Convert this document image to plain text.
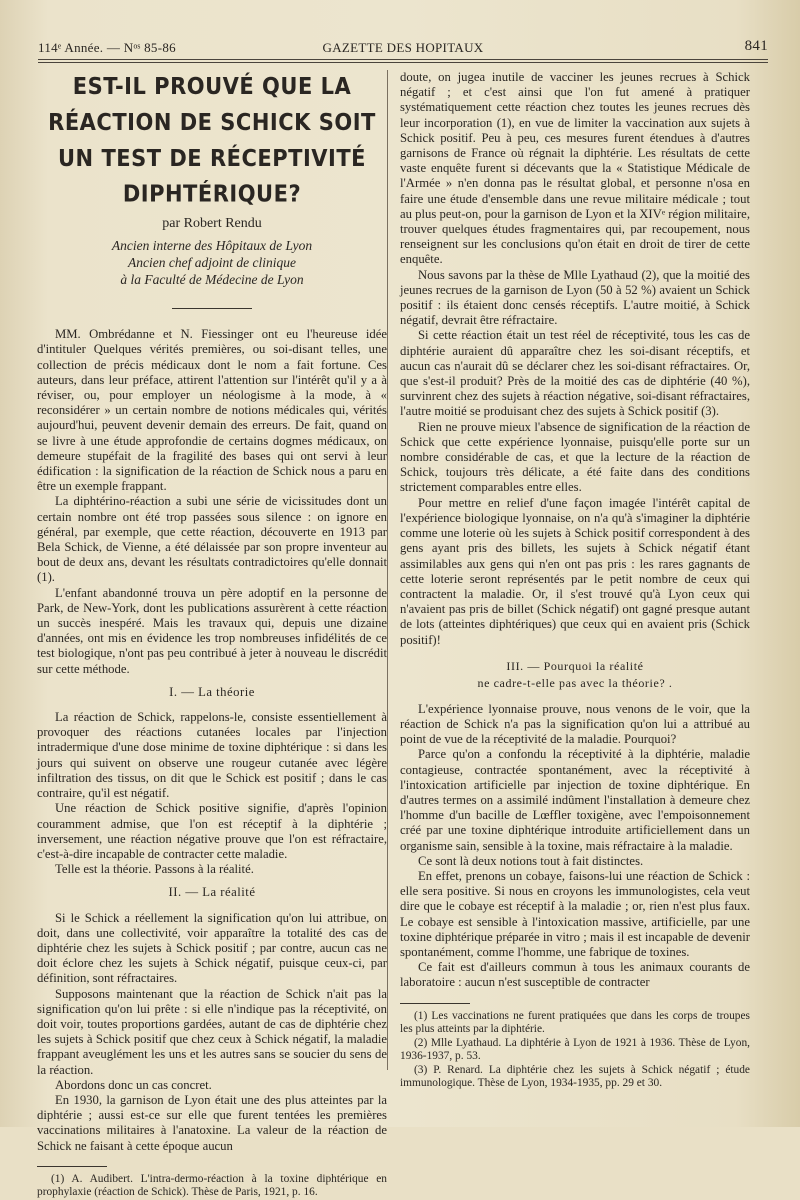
114ᵉ Année. — Nᵒˢ 85-86	GAZETTE DES HOPITAUX	841
EST-IL PROUVÉ QUE LA RÉACTION DE SCHICK SOIT UN TEST DE RÉCEPTIVITÉ DIPHTÉRIQUE?
par Robert Rendu
Ancien interne des Hôpitaux de Lyon
Ancien chef adjoint de clinique
à la Faculté de Médecine de Lyon

MM. Ombrédanne et N. Fiessinger ont eu l'heureuse idée d'intituler Quelques vérités premières, ou soi-disant telles, une collection de précis médicaux dont le nom a fait fortune. Ces auteurs, dans leur préface, attirent l'attention sur l'intérêt qu'il y a à réviser, ou, pour employer un néologisme à la mode, à « reconsidérer » un certain nombre de notions médicales qui, vérités aujourd'hui, peuvent devenir demain des erreurs. De fait, quand on se livre à une étude approfondie de certains dogmes médicaux, on demeure stupéfait de la fragilité des bases qui ont servi à leur édification : la signification de la réaction de Schick nous a paru en être un exemple frappant.

La diphtérino-réaction a subi une série de vicissitudes dont un certain nombre ont été trop passées sous silence : on ignore en général, par exemple, que cette réaction, découverte en 1913 par Bela Schick, de Vienne, a été délaissée par son propre inventeur au bout de deux ans, devant les résultats contradictoires qu'elle donnait (1).

L'enfant abandonné trouva un père adoptif en la personne de Park, de New-York, dont les publications assurèrent à cette réaction un succès inespéré. Mais les travaux qui, depuis une dizaine d'années, ont mis en évidence les trop nombreuses infidélités de ce test biologique, n'ont pas peu contribué à jeter à nouveau le discrédit sur cette méthode.

I. — La théorie

La réaction de Schick, rappelons-le, consiste essentiellement à provoquer des réactions cutanées locales par l'injection intradermique d'une dose minime de toxine diphtérique : si dans les jours qui suivent on observe une rougeur cutanée avec légère infiltration des tissus, on dit que le Schick est positif ; dans le cas contraire, qu'il est négatif.

Une réaction de Schick positive signifie, d'après l'opinion couramment admise, que l'on est réceptif à la diphtérie ; inversement, une réaction négative prouve que l'on est réfractaire, c'est-à-dire incapable de contracter cette maladie.

Telle est la théorie. Passons à la réalité.

II. — La réalité

Si le Schick a réellement la signification qu'on lui attribue, on doit, dans une collectivité, voir apparaître la totalité des cas de diphtérie chez les sujets à Schick positif ; par contre, aucun cas ne doit éclore chez les sujets à Schick négatif, puisque ceux-ci, par définition, sont réfractaires.

Supposons maintenant que la réaction de Schick n'ait pas la signification qu'on lui prête : si elle n'indique pas la réceptivité, on doit voir, toutes proportions gardées, autant de cas de diphtérie chez les sujets à Schick positif que chez ceux à Schick négatif, la maladie frappant aveuglément les uns et les autres sans se soucier du sens de la réaction.

Abordons donc un cas concret.

En 1930, la garnison de Lyon était une des plus atteintes par la diphtérie ; aussi est-ce sur elle que furent tentées les premières vaccinations militaires à l'anatoxine. La valeur de la réaction de Schick ne faisant à cette époque aucun

(1) A. Audibert. L'intra-dermo-réaction à la toxine diphtérique en prophylaxie (réaction de Schick). Thèse de Paris, 1921, p. 16.

doute, on jugea inutile de vacciner les jeunes recrues à Schick négatif ; et c'est ainsi que l'on fut amené à pratiquer systématiquement cette réaction chez toutes les jeunes recrues dès leur incorporation (1), en vue de limiter la vaccination aux sujets à Schick positif. Peu à peu, ces mesures furent étendues à d'autres garnisons de France où régnait la diphtérie. Les résultats de cette vaste enquête furent si décevants que la « Statistique Médicale de l'Armée » n'en donna pas le résultat global, et personne n'osa en faire une étude d'ensemble dans une revue militaire médicale ; tout au plus peut-on, pour la garnison de Lyon et la XIVᵉ région militaire, trouver quelques études fragmentaires qui, par recoupement, nous renseignent sur les conclusions qu'on était en droit de tirer de cette enquête.

Nous savons par la thèse de Mlle Lyathaud (2), que la moitié des jeunes recrues de la garnison de Lyon (50 à 52 %) avaient un Schick positif : ils étaient donc censés réceptifs. L'autre moitié, à Schick négatif, devrait être réfractaire.

Si cette réaction était un test réel de réceptivité, tous les cas de diphtérie auraient dû apparaître chez les soi-disant réceptifs, et aucun cas n'aurait dû se déclarer chez les soi-disant réfractaires. Or, que s'est-il produit? Près de la moitié des cas de diphtérie (40 %), survinrent chez des sujets à réaction négative, soi-disant réfractaires, l'autre moitié se produisant chez des sujets à Schick positif (3).

Rien ne prouve mieux l'absence de signification de la réaction de Schick que cette expérience lyonnaise, puisqu'elle porte sur un nombre considérable de cas, et que la lecture de la réaction de Schick, toujours très délicate, a été faite dans des conditions strictement comparables entre elles.

Pour mettre en relief d'une façon imagée l'intérêt capital de l'expérience biologique lyonnaise, on n'a qu'à s'imaginer la diphtérie comme une loterie où les sujets à Schick positif correspondent à des gens ayant pris des billets, les sujets à Schick négatif étant assimilables aux gens qui n'en ont pas pris : les rares gagnants de cette loterie seront représentés par le petit nombre de ceux qui contractent la maladie. Or, il s'est trouvé qu'à Lyon ceux qui n'avaient pas pris de billet (Schick négatif) ont gagné presque autant de lots (atteintes diphtériques) que ceux qui en avaient pris (Schick positif)!

III. — Pourquoi la réalité
ne cadre-t-elle pas avec la théorie? .

L'expérience lyonnaise prouve, nous venons de le voir, que la réaction de Schick n'a pas la signification qu'on lui a attribué au point de vue de la réceptivité de la maladie. Pourquoi?

Parce qu'on a confondu la réceptivité à la diphtérie, maladie contagieuse, contractée spontanément, avec la réceptivité à l'intoxication artificielle par injection de toxine diphtérique. En d'autres termes on a assimilé indûment l'installation à demeure chez l'homme d'un bacille de Lœffler toxigène, avec l'empoisonnement créé par une toxine diphtérique introduite artificiellement dans un organisme sain, sensible à la toxine, mais réfractaire à la maladie.

Ce sont là deux notions tout à fait distinctes.

En effet, prenons un cobaye, faisons-lui une réaction de Schick : elle sera positive. Si nous en croyons les immunologistes, cela veut dire que le cobaye est réceptif à la maladie ; or, rien n'est plus faux. Le cobaye est sensible à l'intoxication massive, artificielle, par une toxine diphtérique préparée in vitro ; mais il est incapable de devenir spontanément, comme l'homme, une fabrique de toxines.

Ce fait est d'ailleurs commun à tous les animaux courants de laboratoire : aucun n'est susceptible de contracter

(1) Les vaccinations ne furent pratiquées que dans les corps de troupes les plus atteints par la diphtérie.

(2) Mlle Lyathaud. La diphtérie à Lyon de 1921 à 1936. Thèse de Lyon, 1936-1937, p. 53.

(3) P. Renard. La diphtérie chez les sujets à Schick négatif ; étude immunologique. Thèse de Lyon, 1934-1935, pp. 29 et 30.
